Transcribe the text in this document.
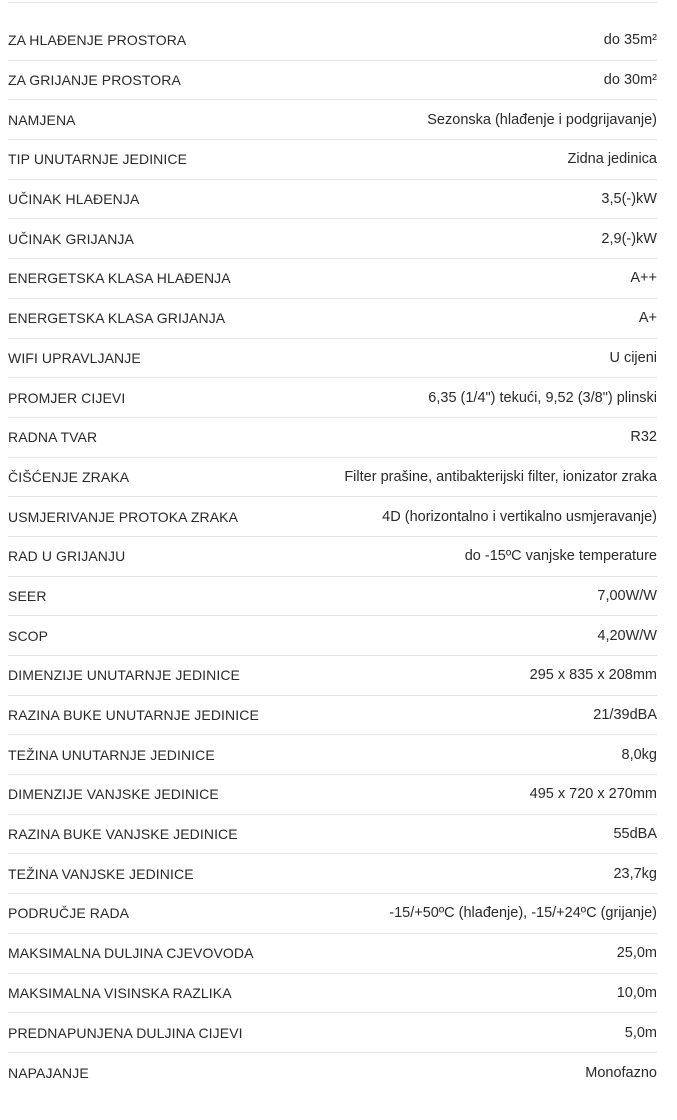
ZA HLAĐENJE PROSTORA	do 35m²
ZA GRIJANJE PROSTORA	do 30m²
NAMJENA	Sezonska (hlađenje i podgrijavanje)
TIP UNUTARNJE JEDINICE	Zidna jedinica
UČINAK HLAĐENJA	3,5(-)kW
UČINAK GRIJANJA	2,9(-)kW
ENERGETSKA KLASA HLAĐENJA	A++
ENERGETSKA KLASA GRIJANJA	A+
WIFI UPRAVLJANJE	U cijeni
PROMJER CIJEVI	6,35 (1/4") tekući, 9,52 (3/8") plinski
RADNA TVAR	R32
ČIŠĆENJE ZRAKA	Filter prašine, antibakterijski filter, ionizator zraka
USMJERIVANJE PROTOKA ZRAKA	4D (horizontalno i vertikalno usmjeravanje)
RAD U GRIJANJU	do -15ºC vanjske temperature
SEER	7,00W/W
SCOP	4,20W/W
DIMENZIJE UNUTARNJE JEDINICE	295 x 835 x 208mm
RAZINA BUKE UNUTARNJE JEDINICE	21/39dBA
TEŽINA UNUTARNJE JEDINICE	8,0kg
DIMENZIJE VANJSKE JEDINICE	495 x 720 x 270mm
RAZINA BUKE VANJSKE JEDINICE	55dBA
TEŽINA VANJSKE JEDINICE	23,7kg
PODRUČJE RADA	-15/+50ºC (hlađenje), -15/+24ºC (grijanje)
MAKSIMALNA DULJINA CJEVOVODA	25,0m
MAKSIMALNA VISINSKA RAZLIKA	10,0m
PREDNAPUNJENA DULJINA CIJEVI	5,0m
NAPAJANJE	Monofazno
